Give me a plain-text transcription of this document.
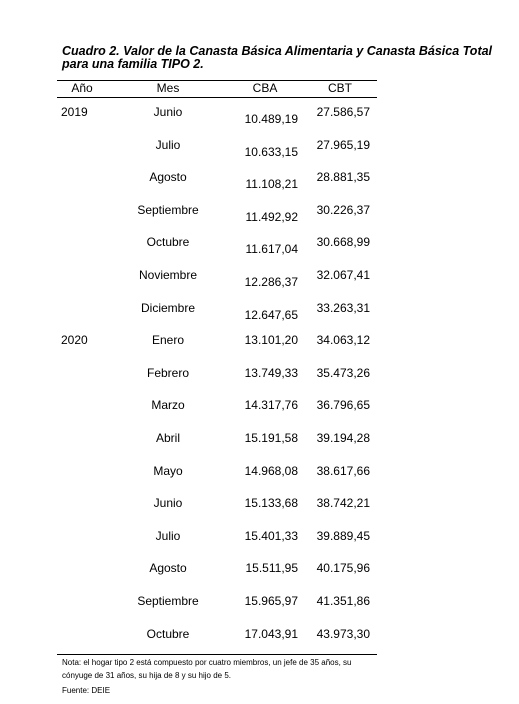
Cuadro 2. Valor de la Canasta Básica Alimentaria y Canasta Básica Total para una familia TIPO 2.
Año	Mes	CBA	CBT
2019	Junio	10.489,19	27.586,57
Julio	10.633,15	27.965,19
Agosto	11.108,21	28.881,35
Septiembre	11.492,92	30.226,37
Octubre	11.617,04	30.668,99
Noviembre	12.286,37	32.067,41
Diciembre	12.647,65	33.263,31
2020	Enero	13.101,20	34.063,12
Febrero	13.749,33	35.473,26
Marzo	14.317,76	36.796,65
Abril	15.191,58	39.194,28
Mayo	14.968,08	38.617,66
Junio	15.133,68	38.742,21
Julio	15.401,33	39.889,45
Agosto	15.511,95	40.175,96
Septiembre	15.965,97	41.351,86
Octubre	17.043,91	43.973,30

Nota: el hogar tipo 2 está compuesto por cuatro miembros, un jefe de 35 años, su cónyuge de 31 años, su hija de 8 y su hijo de 5.

Fuente: DEIE
